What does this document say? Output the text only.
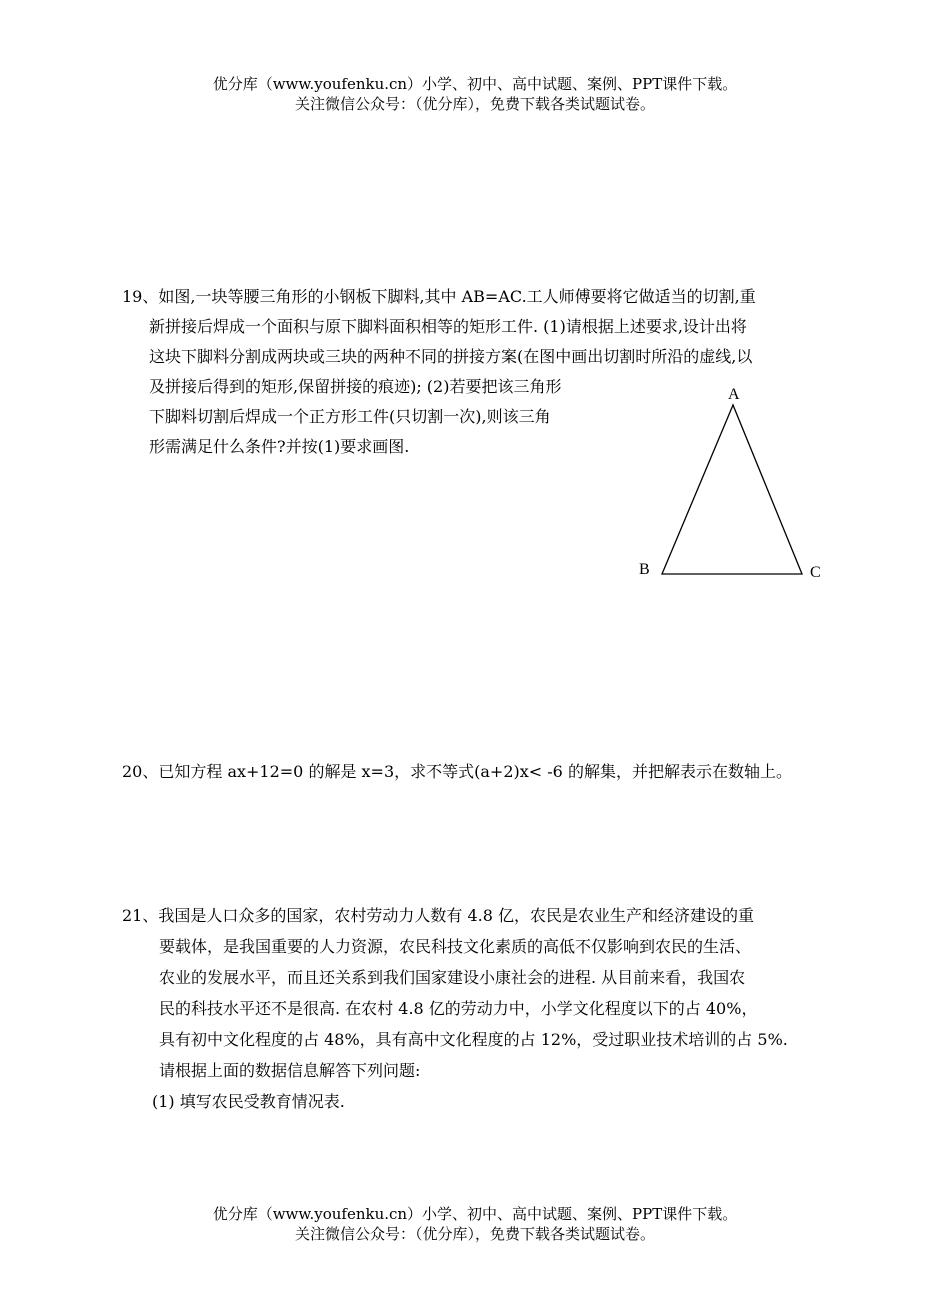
优分库（www.youfenku.cn）小学、初中、高中试题、案例、PPT课件下载。
关注微信公众号：（优分库），免费下载各类试题试卷。
19、如图,一块等腰三角形的小钢板下脚料,其中 AB=AC.工人师傅要将它做适当的切割,重
新拼接后焊成一个面积与原下脚料面积相等的矩形工件. (1)请根据上述要求,设计出将
这块下脚料分割成两块或三块的两种不同的拼接方案(在图中画出切割时所沿的虚线,以
及拼接后得到的矩形,保留拼接的痕迹); (2)若要把该三角形
下脚料切割后焊成一个正方形工件(只切割一次),则该三角
形需满足什么条件?并按(1)要求画图.
A
B	C
20、已知方程 ax+12=0 的解是 x=3，求不等式(a+2)x< -6 的解集，并把解表示在数轴上。
21、我国是人口众多的国家，农村劳动力人数有 4.8 亿，农民是农业生产和经济建设的重
要载体，是我国重要的人力资源，农民科技文化素质的高低不仅影响到农民的生活、
农业的发展水平，而且还关系到我们国家建设小康社会的进程. 从目前来看，我国农
民的科技水平还不是很高. 在农村 4.8 亿的劳动力中，小学文化程度以下的占 40%，
具有初中文化程度的占 48%，具有高中文化程度的占 12%，受过职业技术培训的占 5%.
请根据上面的数据信息解答下列问题:
(1) 填写农民受教育情况表.
优分库（www.youfenku.cn）小学、初中、高中试题、案例、PPT课件下载。
关注微信公众号：（优分库），免费下载各类试题试卷。
